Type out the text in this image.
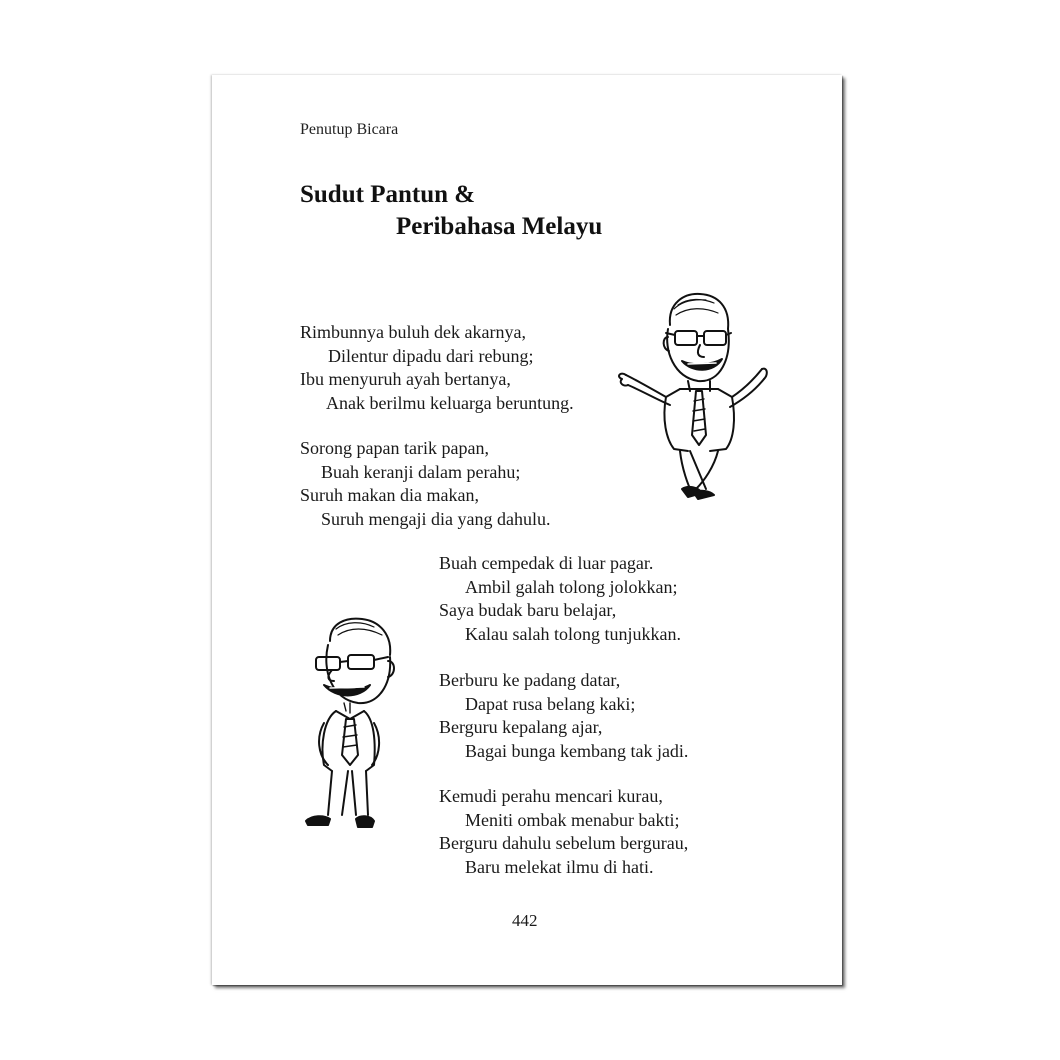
Penutup Bicara
Sudut Pantun &
Peribahasa Melayu
Rimbunnya buluh dek akarnya,
Dilentur dipadu dari rebung;
Ibu menyuruh ayah bertanya,
Anak berilmu keluarga beruntung.
Sorong papan tarik papan,
Buah keranji dalam perahu;
Suruh makan dia makan,
Suruh mengaji dia yang dahulu.
Buah cempedak di luar pagar.
Ambil galah tolong jolokkan;
Saya budak baru belajar,
Kalau salah tolong tunjukkan.
Berburu ke padang datar,
Dapat rusa belang kaki;
Berguru kepalang ajar,
Bagai bunga kembang tak jadi.
Kemudi perahu mencari kurau,
Meniti ombak menabur bakti;
Berguru dahulu sebelum bergurau,
Baru melekat ilmu di hati.
442
